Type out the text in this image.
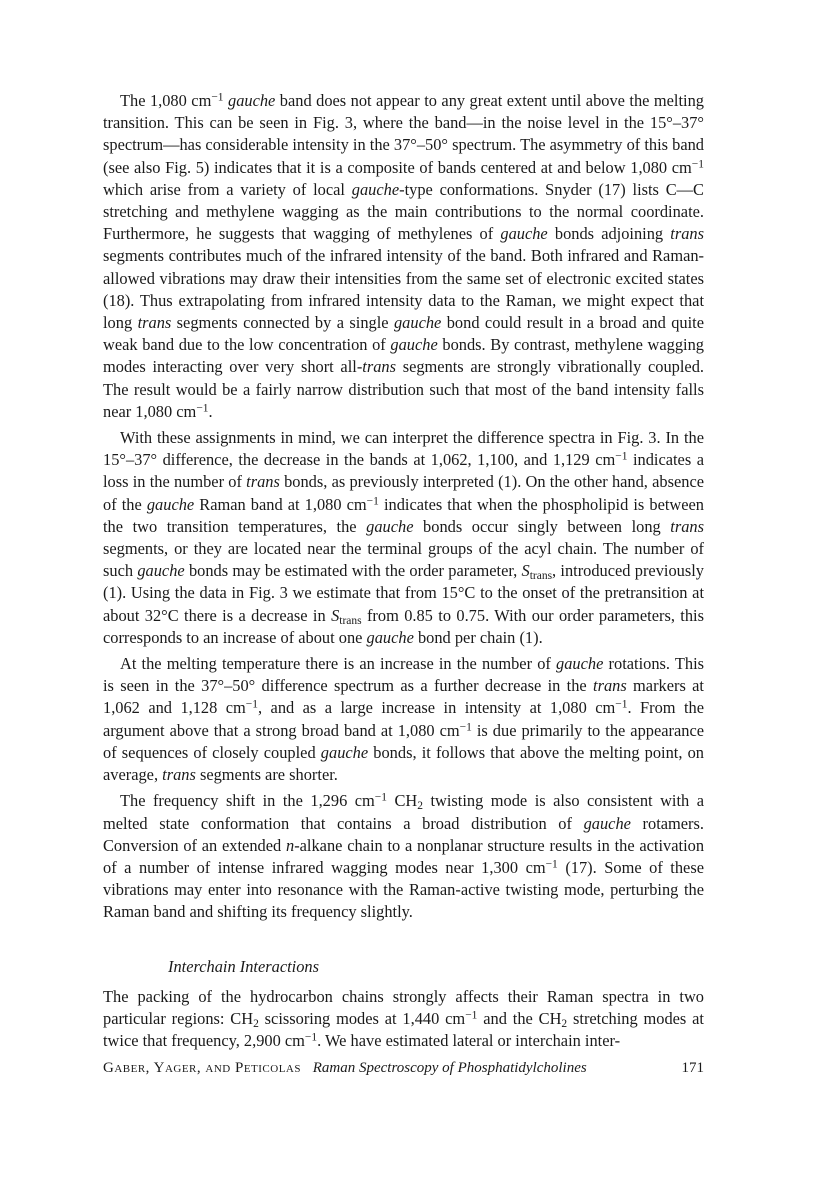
The 1,080 $cm^{-1}$ gauche band does not appear to any great extent until above the melting transition. This can be seen in Fig. 3, where the band—in the noise level in the 15°–37° spectrum—has considerable intensity in the 37°–50° spectrum. The asymmetry of this band (see also Fig. 5) indicates that it is a composite of bands centered at and below 1,080 $cm^{-1}$ which arise from a variety of local gauche-type conformations. Snyder (17) lists C—C stretching and methylene wagging as the main contributions to the normal coordinate. Furthermore, he suggests that wagging of methylenes of gauche bonds adjoining trans segments contributes much of the infrared intensity of the band. Both infrared and Raman-allowed vibrations may draw their intensities from the same set of electronic excited states (18). Thus extrapolating from infrared intensity data to the Raman, we might expect that long trans segments connected by a single gauche bond could result in a broad and quite weak band due to the low concentration of gauche bonds. By contrast, methylene wagging modes interacting over very short all-trans segments are strongly vibrationally coupled. The result would be a fairly narrow distribution such that most of the band intensity falls near 1,080 $cm^{-1}$.

With these assignments in mind, we can interpret the difference spectra in Fig. 3. In the 15°–37° difference, the decrease in the bands at 1,062, 1,100, and 1,129 $cm^{-1}$ indicates a loss in the number of trans bonds, as previously interpreted (1). On the other hand, absence of the gauche Raman band at 1,080 $cm^{-1}$ indicates that when the phospholipid is between the two transition temperatures, the gauche bonds occur singly between long trans segments, or they are located near the terminal groups of the acyl chain. The number of such gauche bonds may be estimated with the order parameter, $S_{trans}$, introduced previously (1). Using the data in Fig. 3 we estimate that from 15°C to the onset of the pretransition at about 32°C there is a decrease in $S_{trans}$ from 0.85 to 0.75. With our order parameters, this corresponds to an increase of about one gauche bond per chain (1).

At the melting temperature there is an increase in the number of gauche rotations. This is seen in the 37°–50° difference spectrum as a further decrease in the trans markers at 1,062 and 1,128 $cm^{-1}$, and as a large increase in intensity at 1,080 $cm^{-1}$. From the argument above that a strong broad band at 1,080 $cm^{-1}$ is due primarily to the appearance of sequences of closely coupled gauche bonds, it follows that above the melting point, on average, trans segments are shorter.

The frequency shift in the 1,296 $cm^{-1}$ $CH_2$ twisting mode is also consistent with a melted state conformation that contains a broad distribution of gauche rotamers. Conversion of an extended n-alkane chain to a nonplanar structure results in the activation of a number of intense infrared wagging modes near 1,300 $cm^{-1}$ (17). Some of these vibrations may enter into resonance with the Raman-active twisting mode, perturbing the Raman band and shifting its frequency slightly.

Interchain Interactions

The packing of the hydrocarbon chains strongly affects their Raman spectra in two particular regions: $CH_2$ scissoring modes at 1,440 $cm^{-1}$ and the $CH_2$ stretching modes at twice that frequency, 2,900 $cm^{-1}$. We have estimated lateral or interchain inter-

Gaber, Yager, and Peticolas Raman Spectroscopy of Phosphatidylcholines	171
